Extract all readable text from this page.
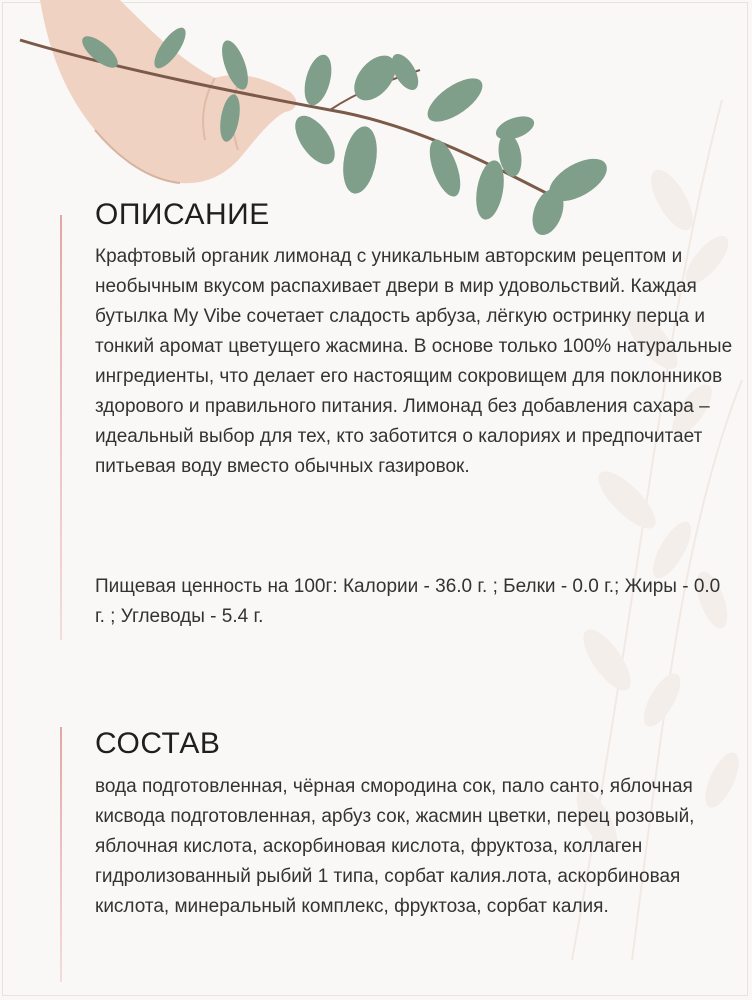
ОПИСАНИЕ

Крафтовый органик лимонад с уникальным авторским рецептом и необычным вкусом распахивает двери в мир удовольствий. Каждая бутылка My Vibe сочетает сладость арбуза, лёгкую остринку перца и тонкий аромат цветущего жасмина. В основе только 100% натуральные ингредиенты, что делает его настоящим сокровищем для поклонников здорового и правильного питания. Лимонад без добавления сахара – идеальный выбор для тех, кто заботится о калориях и предпочитает питьевая воду вместо обычных газировок.

Пищевая ценность на 100г: Калории - 36.0 г. ; Белки - 0.0 г.; Жиры - 0.0 г. ; Углеводы - 5.4 г.

СОСТАВ

вода подготовленная, чёрная смородина сок, пало санто, яблочная кисвода подготовленная, арбуз сок, жасмин цветки, перец розовый, яблочная кислота, аскорбиновая кислота, фруктоза, коллаген гидролизованный рыбий 1 типа, сорбат калия.лота, аскорбиновая кислота, минеральный комплекс, фруктоза, сорбат калия.
